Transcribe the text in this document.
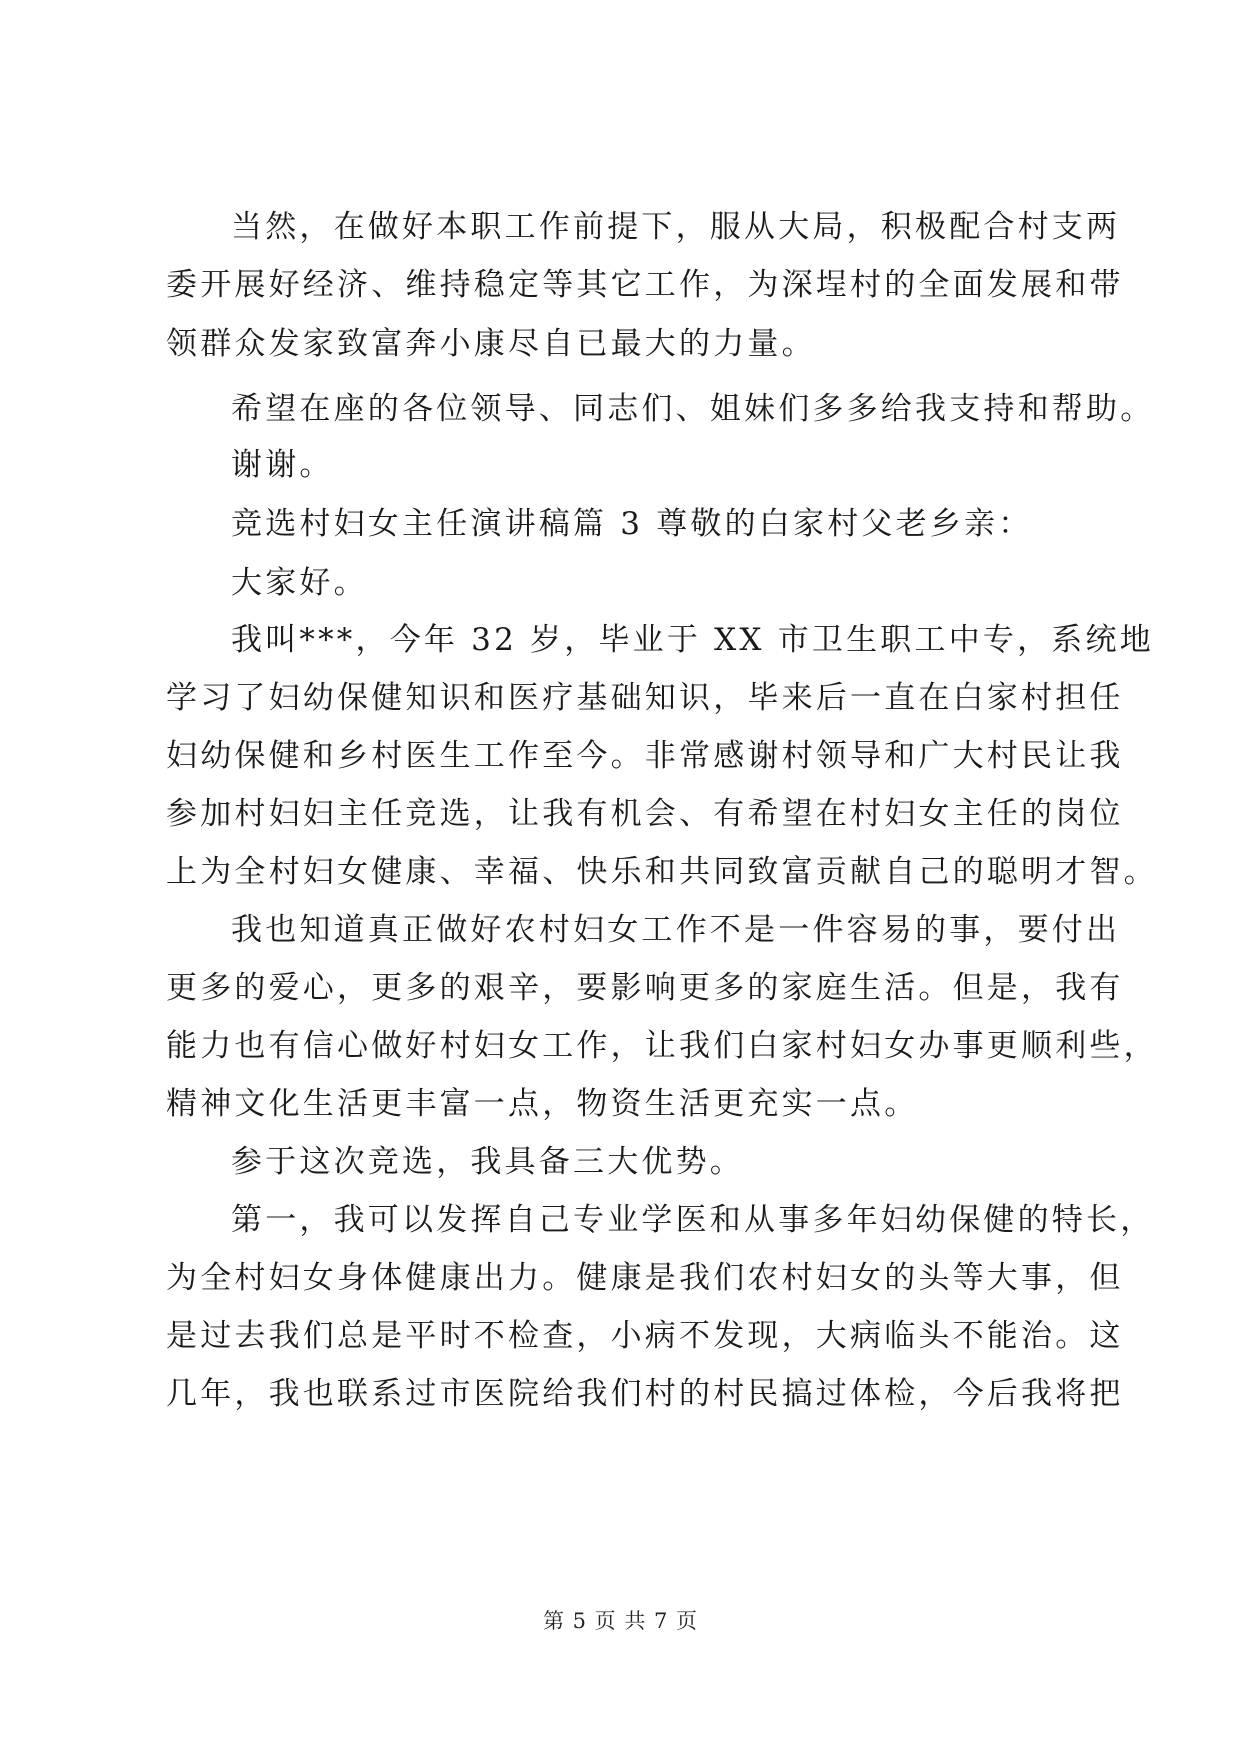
当然，在做好本职工作前提下，服从大局，积极配合村支两
委开展好经济、维持稳定等其它工作，为深埕村的全面发展和带
领群众发家致富奔小康尽自已最大的力量。
希望在座的各位领导、同志们、姐妹们多多给我支持和帮助。
谢谢。
竞选村妇女主任演讲稿篇 3 尊敬的白家村父老乡亲：
大家好。
我叫***，今年 32 岁，毕业于 XX 市卫生职工中专，系统地
学习了妇幼保健知识和医疗基础知识，毕来后一直在白家村担任
妇幼保健和乡村医生工作至今。非常感谢村领导和广大村民让我
参加村妇妇主任竞选，让我有机会、有希望在村妇女主任的岗位
上为全村妇女健康、幸福、快乐和共同致富贡献自己的聪明才智。
我也知道真正做好农村妇女工作不是一件容易的事，要付出
更多的爱心，更多的艰辛，要影响更多的家庭生活。但是，我有
能力也有信心做好村妇女工作，让我们白家村妇女办事更顺利些，
精神文化生活更丰富一点，物资生活更充实一点。
参于这次竞选，我具备三大优势。
第一，我可以发挥自己专业学医和从事多年妇幼保健的特长，
为全村妇女身体健康出力。健康是我们农村妇女的头等大事，但
是过去我们总是平时不检查，小病不发现，大病临头不能治。这
几年，我也联系过市医院给我们村的村民搞过体检，今后我将把
第 5 页 共 7 页
